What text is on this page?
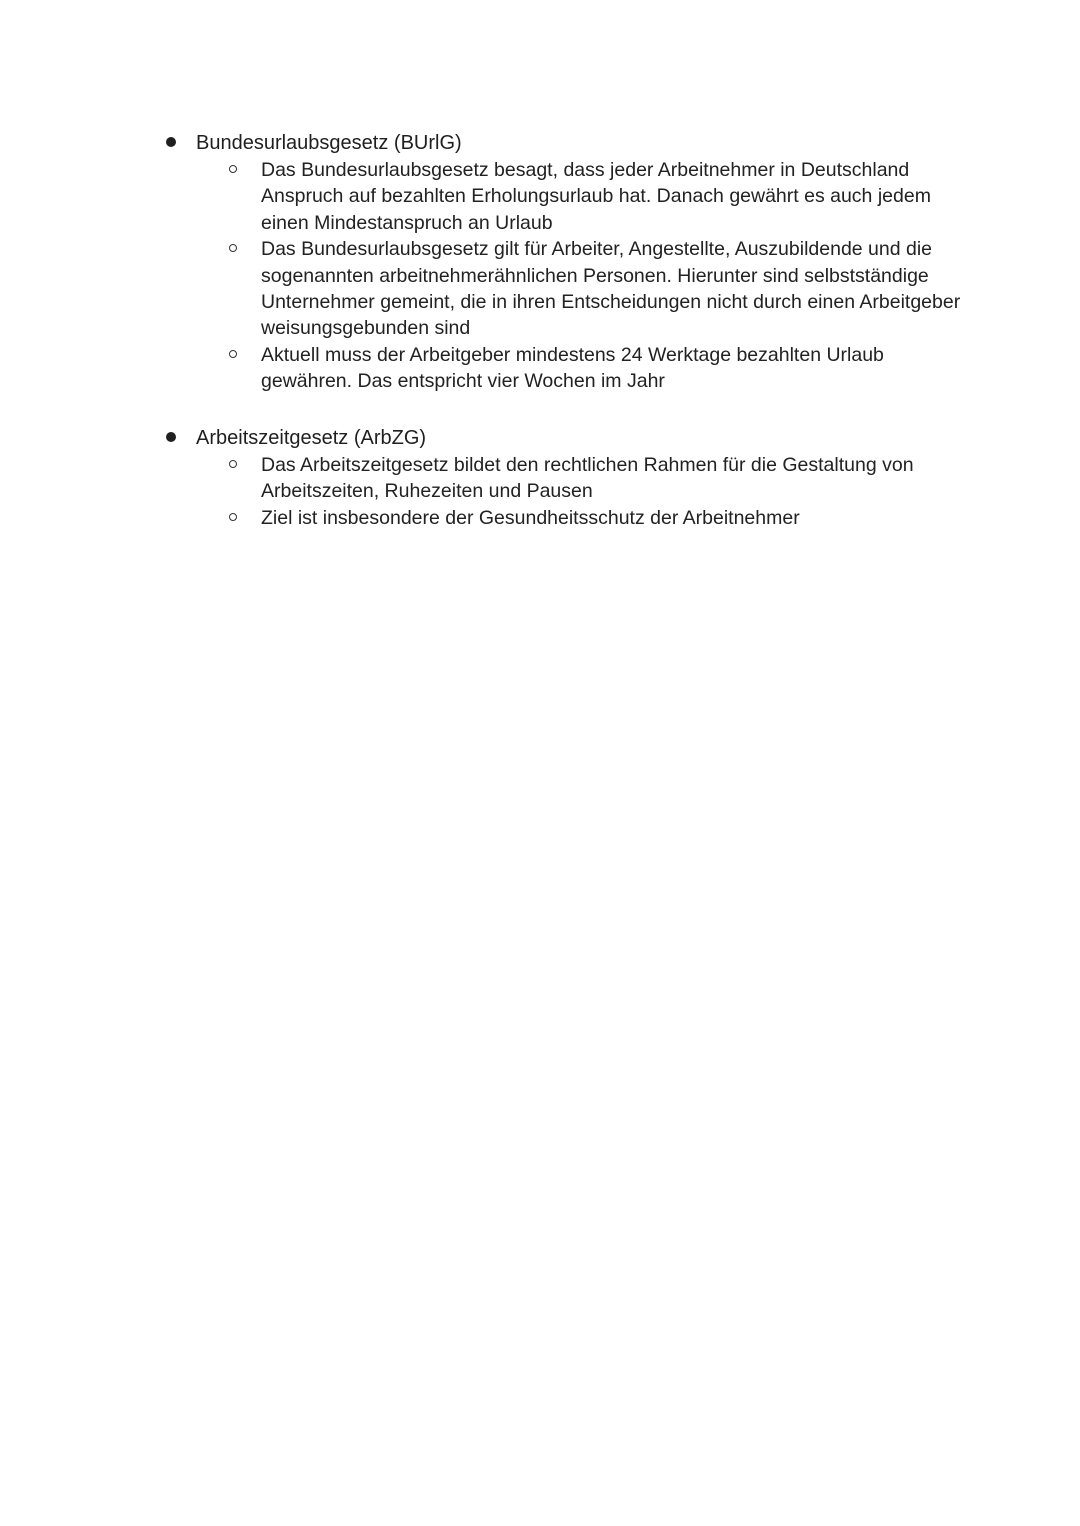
Bundesurlaubsgesetz (BUrlG)
Das Bundesurlaubsgesetz besagt, dass jeder Arbeitnehmer in Deutschland Anspruch auf bezahlten Erholungsurlaub hat. Danach gewährt es auch jedem einen Mindestanspruch an Urlaub
Das Bundesurlaubsgesetz gilt für Arbeiter, Angestellte, Auszubildende und die sogenannten arbeitnehmerähnlichen Personen. Hierunter sind selbstständige Unternehmer gemeint, die in ihren Entscheidungen nicht durch einen Arbeitgeber weisungsgebunden sind
Aktuell muss der Arbeitgeber mindestens 24 Werktage bezahlten Urlaub gewähren. Das entspricht vier Wochen im Jahr
Arbeitszeitgesetz (ArbZG)
Das Arbeitszeitgesetz bildet den rechtlichen Rahmen für die Gestaltung von Arbeitszeiten, Ruhezeiten und Pausen
Ziel ist insbesondere der Gesundheitsschutz der Arbeitnehmer
